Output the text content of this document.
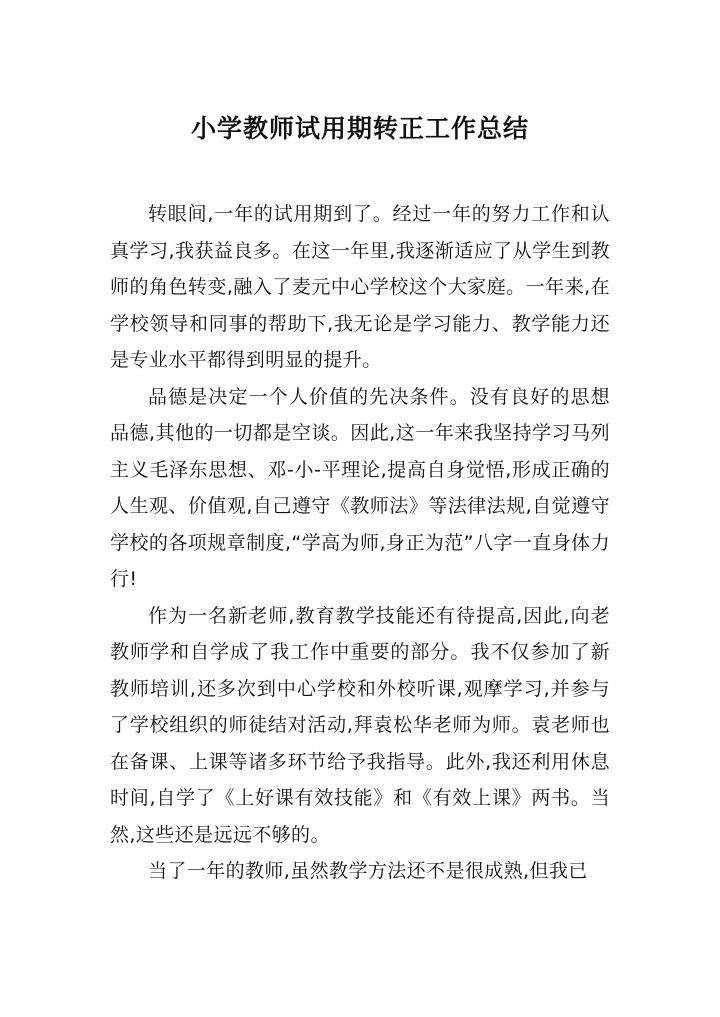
小学教师试用期转正工作总结

转眼间,一年的试用期到了。经过一年的努力工作和认真学习,我获益良多。在这一年里,我逐渐适应了从学生到教师的角色转变,融入了麦元中心学校这个大家庭。一年来,在学校领导和同事的帮助下,我无论是学习能力、教学能力还是专业水平都得到明显的提升。

品德是决定一个人价值的先决条件。没有良好的思想品德,其他的一切都是空谈。因此,这一年来我坚持学习马列主义毛泽东思想、邓-小-平理论,提高自身觉悟,形成正确的人生观、价值观,自己遵守《教师法》等法律法规,自觉遵守学校的各项规章制度,“学高为师,身正为范”八字一直身体力行!

作为一名新老师,教育教学技能还有待提高,因此,向老教师学和自学成了我工作中重要的部分。我不仅参加了新教师培训,还多次到中心学校和外校听课,观摩学习,并参与了学校组织的师徒结对活动,拜袁松华老师为师。袁老师也在备课、上课等诸多环节给予我指导。此外,我还利用休息时间,自学了《上好课有效技能》和《有效上课》两书。当然,这些还是远远不够的。

当了一年的教师,虽然教学方法还不是很成熟,但我已
